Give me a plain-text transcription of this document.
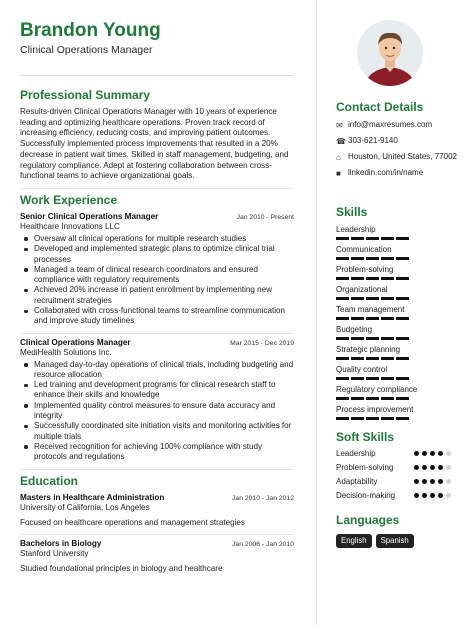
Brandon Young
Clinical Operations Manager
Professional Summary
Results-driven Clinical Operations Manager with 10 years of experience leading and optimizing healthcare operations. Proven track record of increasing efficiency, reducing costs, and improving patient outcomes. Successfully implemented process improvements that resulted in a 20% decrease in patient wait times. Skilled in staff management, budgeting, and regulatory compliance. Adept at fostering collaboration between cross-functional teams to achieve organizational goals.
Work Experience
Senior Clinical Operations Manager	Jan 2010 - Present
Healthcare Innovations LLC
Oversaw all clinical operations for multiple research studies
Developed and implemented strategic plans to optimize clinical trial processes
Managed a team of clinical research coordinators and ensured compliance with regulatory requirements
Achieved 20% increase in patient enrollment by implementing new recruitment strategies
Collaborated with cross-functional teams to streamline communication and improve study timelines
Clinical Operations Manager	Mar 2015 - Dec 2019
MediHealth Solutions Inc.
Managed day-to-day operations of clinical trials, including budgeting and resource allocation
Led training and development programs for clinical research staff to enhance their skills and knowledge
Implemented quality control measures to ensure data accuracy and integrity
Successfully coordinated site initiation visits and monitoring activities for multiple trials
Received recognition for achieving 100% compliance with study protocols and regulations
Education
Masters in Healthcare Administration	Jan 2010 - Jan 2012
University of California, Los Angeles
Focused on healthcare operations and management strategies
Bachelors in Biology	Jan 2006 - Jan 2010
Stanford University
Studied foundational principles in biology and healthcare
Contact Details
✉ info@maxresumes.com
☎ 303-621-9140
⌂ Houston, United States, 77002
■ linkedin.com/in/name
Skills
Leadership
Communication
Problem-solving
Organizational
Team management
Budgeting
Strategic planning
Quality control
Regulatory compliance
Process improvement
Soft Skills
Leadership
Problem-solving
Adaptability
Decision-making
Languages
English	Spanish
